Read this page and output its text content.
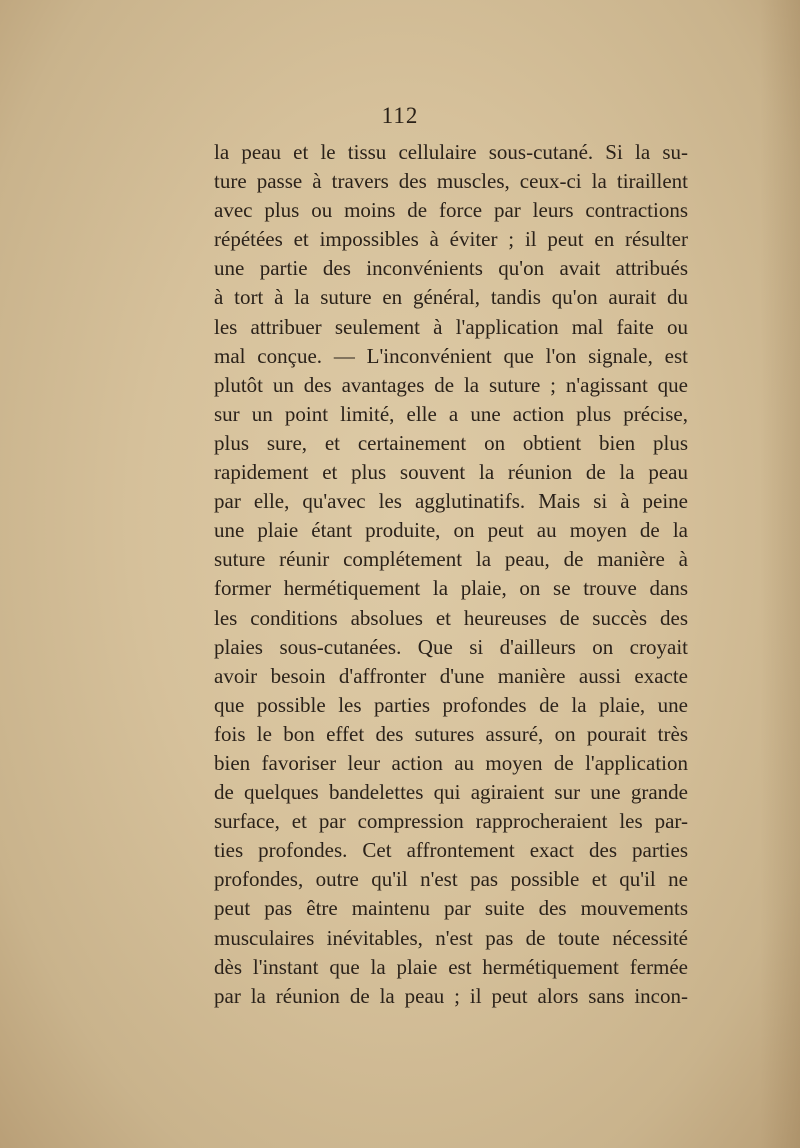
112
la peau et le tissu cellulaire sous-cutané. Si la su-
ture passe à travers des muscles, ceux-ci la tiraillent
avec plus ou moins de force par leurs contractions
répétées et impossibles à éviter ; il peut en résulter
une partie des inconvénients qu'on avait attribués
à tort à la suture en général, tandis qu'on aurait du
les attribuer seulement à l'application mal faite ou
mal conçue. — L'inconvénient que l'on signale, est
plutôt un des avantages de la suture ; n'agissant que
sur un point limité, elle a une action plus précise,
plus sure, et certainement on obtient bien plus
rapidement et plus souvent la réunion de la peau
par elle, qu'avec les agglutinatifs. Mais si à peine
une plaie étant produite, on peut au moyen de la
suture réunir complétement la peau, de manière à
former hermétiquement la plaie, on se trouve dans
les conditions absolues et heureuses de succès des
plaies sous-cutanées. Que si d'ailleurs on croyait
avoir besoin d'affronter d'une manière aussi exacte
que possible les parties profondes de la plaie, une
fois le bon effet des sutures assuré, on pourait très
bien favoriser leur action au moyen de l'application
de quelques bandelettes qui agiraient sur une grande
surface, et par compression rapprocheraient les par-
ties profondes. Cet affrontement exact des parties
profondes, outre qu'il n'est pas possible et qu'il ne
peut pas être maintenu par suite des mouvements
musculaires inévitables, n'est pas de toute nécessité
dès l'instant que la plaie est hermétiquement fermée
par la réunion de la peau ; il peut alors sans incon-
